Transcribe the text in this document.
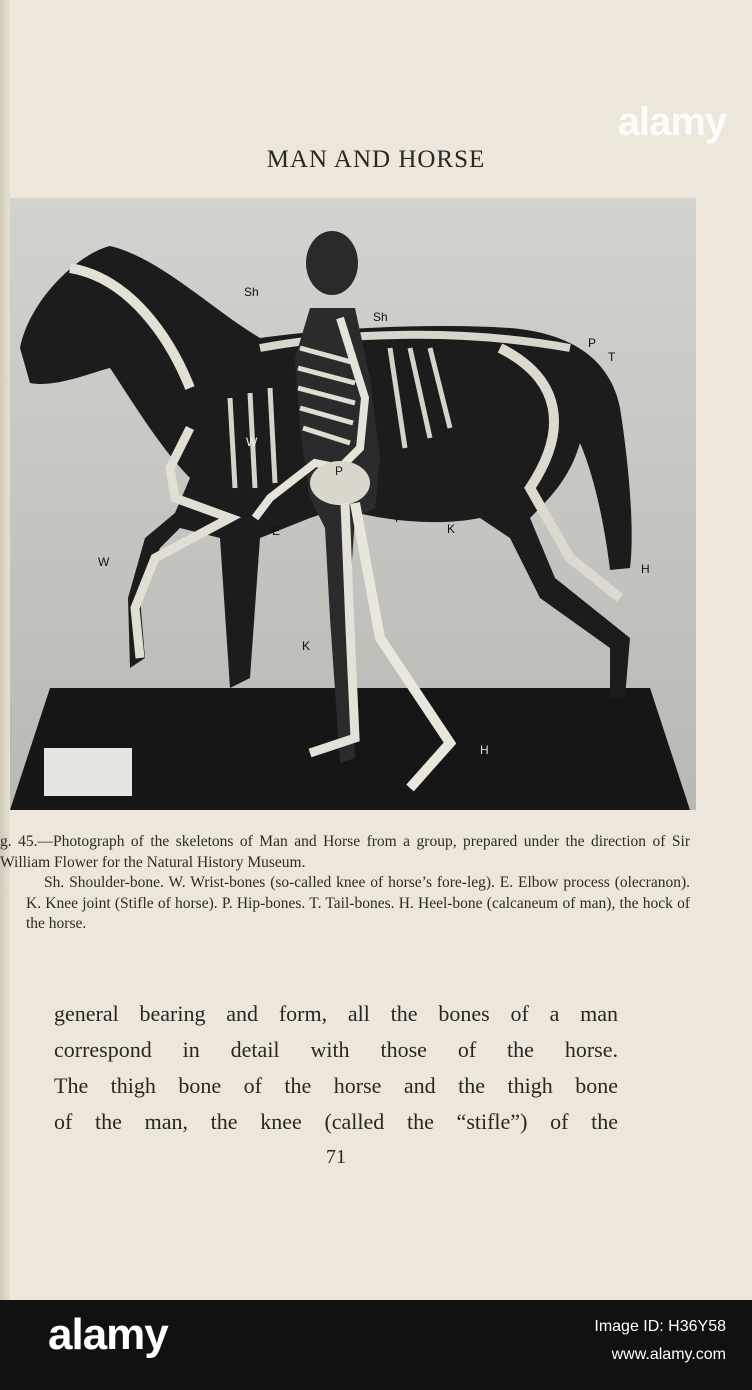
alamy
MAN AND HORSE
Sh
Sh
P
T
W
P
T
E	K
W	H
K
H

g. 45.—Photograph of the skeletons of Man and Horse from a group, prepared under the direction of Sir William Flower for the Natural History Museum.

Sh. Shoulder-bone. W. Wrist-bones (so-called knee of horse’s fore-leg). E. Elbow process (olecranon). K. Knee joint (Stifle of horse). P. Hip-bones. T. Tail-bones. H. Heel-bone (calcaneum of man), the hock of the horse.

general bearing and form, all the bones of a man

correspond in detail with those of the horse.

The thigh bone of the horse and the thigh bone

of the man, the knee (called the “stifle”) of the

71
alamy	Image ID: H36Y58
www.alamy.com
